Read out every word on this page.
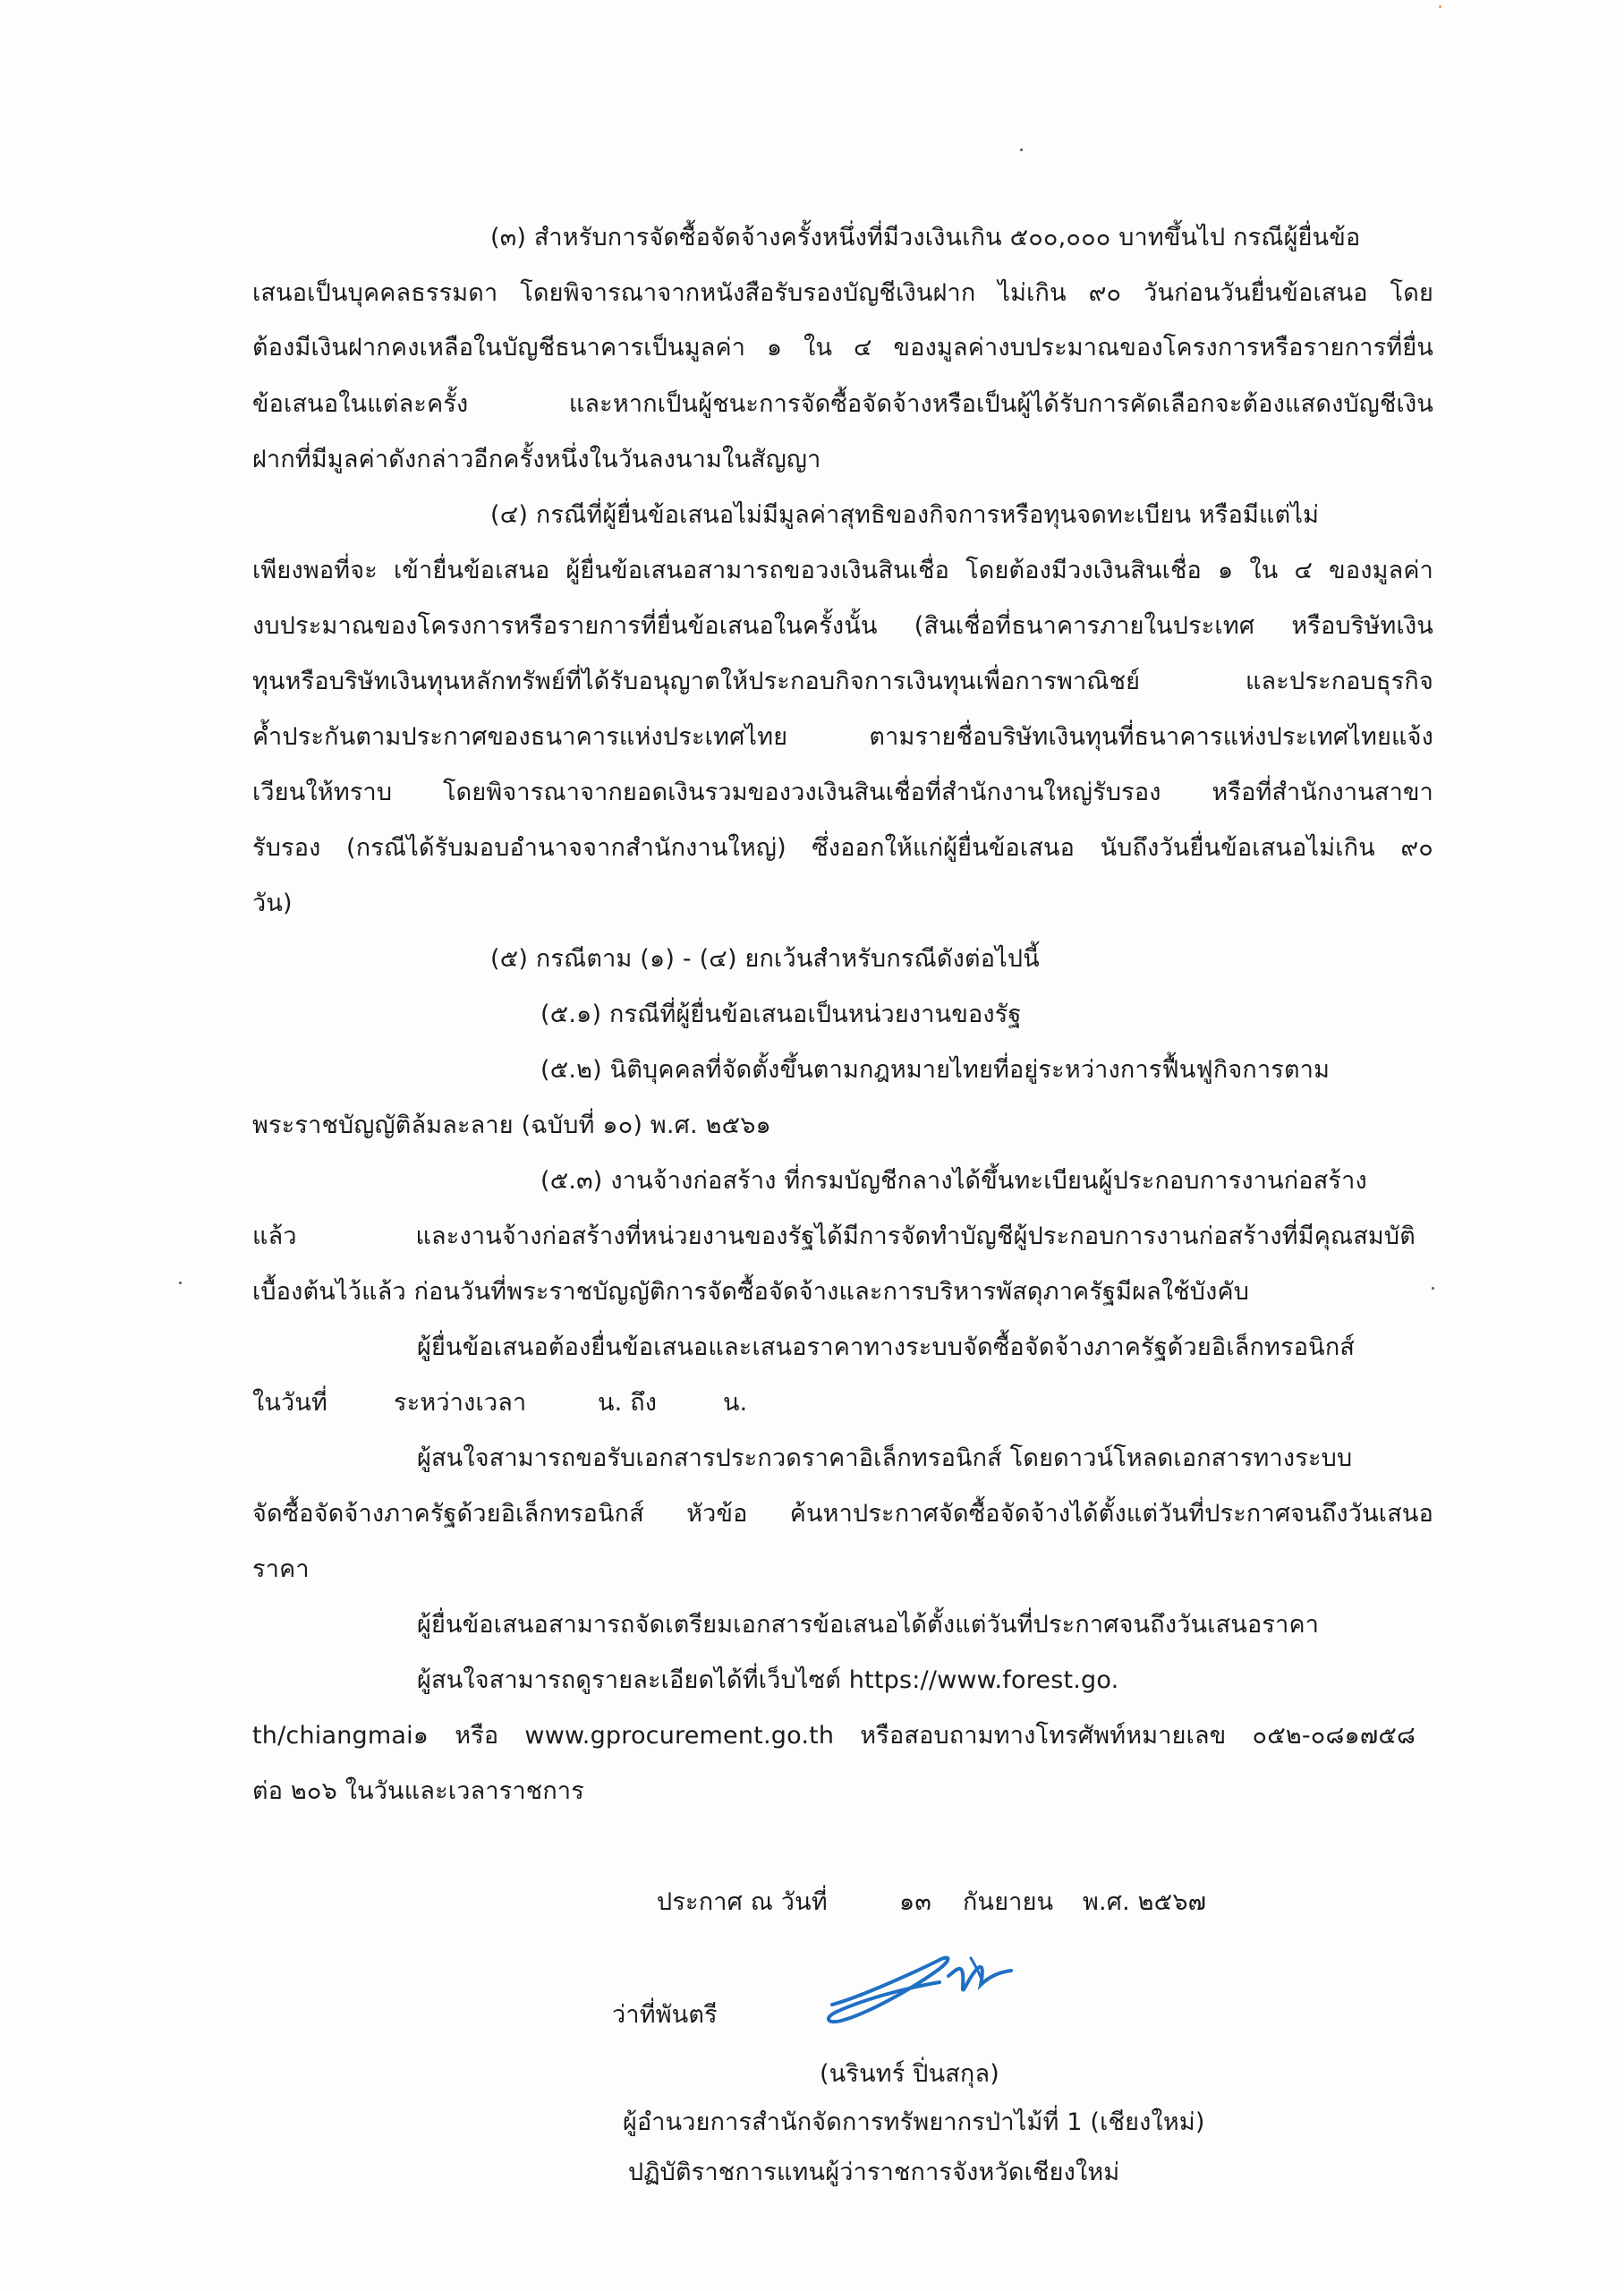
(๓) สำหรับการจัดซื้อจัดจ้างครั้งหนึ่งที่มีวงเงินเกิน ๕๐๐,๐๐๐ บาทขึ้นไป กรณีผู้ยื่นข้อ
เสนอเป็นบุคคลธรรมดา โดยพิจารณาจากหนังสือรับรองบัญชีเงินฝาก ไม่เกิน ๙๐ วันก่อนวันยื่นข้อเสนอ โดย
ต้องมีเงินฝากคงเหลือในบัญชีธนาคารเป็นมูลค่า ๑ ใน ๔ ของมูลค่างบประมาณของโครงการหรือรายการที่ยื่น
ข้อเสนอในแต่ละครั้ง และหากเป็นผู้ชนะการจัดซื้อจัดจ้างหรือเป็นผู้ได้รับการคัดเลือกจะต้องแสดงบัญชีเงิน
ฝากที่มีมูลค่าดังกล่าวอีกครั้งหนึ่งในวันลงนามในสัญญา
(๔) กรณีที่ผู้ยื่นข้อเสนอไม่มีมูลค่าสุทธิของกิจการหรือทุนจดทะเบียน หรือมีแต่ไม่
เพียงพอที่จะ เข้ายื่นข้อเสนอ ผู้ยื่นข้อเสนอสามารถขอวงเงินสินเชื่อ โดยต้องมีวงเงินสินเชื่อ ๑ ใน ๔ ของมูลค่า
งบประมาณของโครงการหรือรายการที่ยื่นข้อเสนอในครั้งนั้น (สินเชื่อที่ธนาคารภายในประเทศ หรือบริษัทเงิน
ทุนหรือบริษัทเงินทุนหลักทรัพย์ที่ได้รับอนุญาตให้ประกอบกิจการเงินทุนเพื่อการพาณิชย์ และประกอบธุรกิจ
ค้ำประกันตามประกาศของธนาคารแห่งประเทศไทย ตามรายชื่อบริษัทเงินทุนที่ธนาคารแห่งประเทศไทยแจ้ง
เวียนให้ทราบ โดยพิจารณาจากยอดเงินรวมของวงเงินสินเชื่อที่สำนักงานใหญ่รับรอง หรือที่สำนักงานสาขา
รับรอง (กรณีได้รับมอบอำนาจจากสำนักงานใหญ่) ซึ่งออกให้แก่ผู้ยื่นข้อเสนอ นับถึงวันยื่นข้อเสนอไม่เกิน ๙๐
วัน)
(๕) กรณีตาม (๑) - (๔) ยกเว้นสำหรับกรณีดังต่อไปนี้
(๕.๑) กรณีที่ผู้ยื่นข้อเสนอเป็นหน่วยงานของรัฐ
(๕.๒) นิติบุคคลที่จัดตั้งขึ้นตามกฎหมายไทยที่อยู่ระหว่างการฟื้นฟูกิจการตาม
พระราชบัญญัติล้มละลาย (ฉบับที่ ๑๐) พ.ศ. ๒๕๖๑
(๕.๓) งานจ้างก่อสร้าง ที่กรมบัญชีกลางได้ขึ้นทะเบียนผู้ประกอบการงานก่อสร้าง
แล้ว และงานจ้างก่อสร้างที่หน่วยงานของรัฐได้มีการจัดทำบัญชีผู้ประกอบการงานก่อสร้างที่มีคุณสมบัติ
เบื้องต้นไว้แล้ว ก่อนวันที่พระราชบัญญัติการจัดซื้อจัดจ้างและการบริหารพัสดุภาครัฐมีผลใช้บังคับ
ผู้ยื่นข้อเสนอต้องยื่นข้อเสนอและเสนอราคาทางระบบจัดซื้อจัดจ้างภาครัฐด้วยอิเล็กทรอนิกส์
ในวันที่	ระหว่างเวลา	น. ถึง	น.
ผู้สนใจสามารถขอรับเอกสารประกวดราคาอิเล็กทรอนิกส์ โดยดาวน์โหลดเอกสารทางระบบ
จัดซื้อจัดจ้างภาครัฐด้วยอิเล็กทรอนิกส์ หัวข้อ ค้นหาประกาศจัดซื้อจัดจ้างได้ตั้งแต่วันที่ประกาศจนถึงวันเสนอ
ราคา
ผู้ยื่นข้อเสนอสามารถจัดเตรียมเอกสารข้อเสนอได้ตั้งแต่วันที่ประกาศจนถึงวันเสนอราคา
ผู้สนใจสามารถดูรายละเอียดได้ที่เว็บไซต์ https://www.forest.go.
th/chiangmai๑ หรือ www.gprocurement.go.th หรือสอบถามทางโทรศัพท์หมายเลข ๐๕๒-๐๘๑๗๕๘
ต่อ ๒๐๖ ในวันและเวลาราชการ
ประกาศ ณ วันที่	๑๓ กันยายน พ.ศ. ๒๕๖๗
ว่าที่พันตรี
(นรินทร์ ปิ่นสกุล)
ผู้อำนวยการสำนักจัดการทรัพยากรป่าไม้ที่ 1 (เชียงใหม่)
ปฏิบัติราชการแทนผู้ว่าราชการจังหวัดเชียงใหม่
